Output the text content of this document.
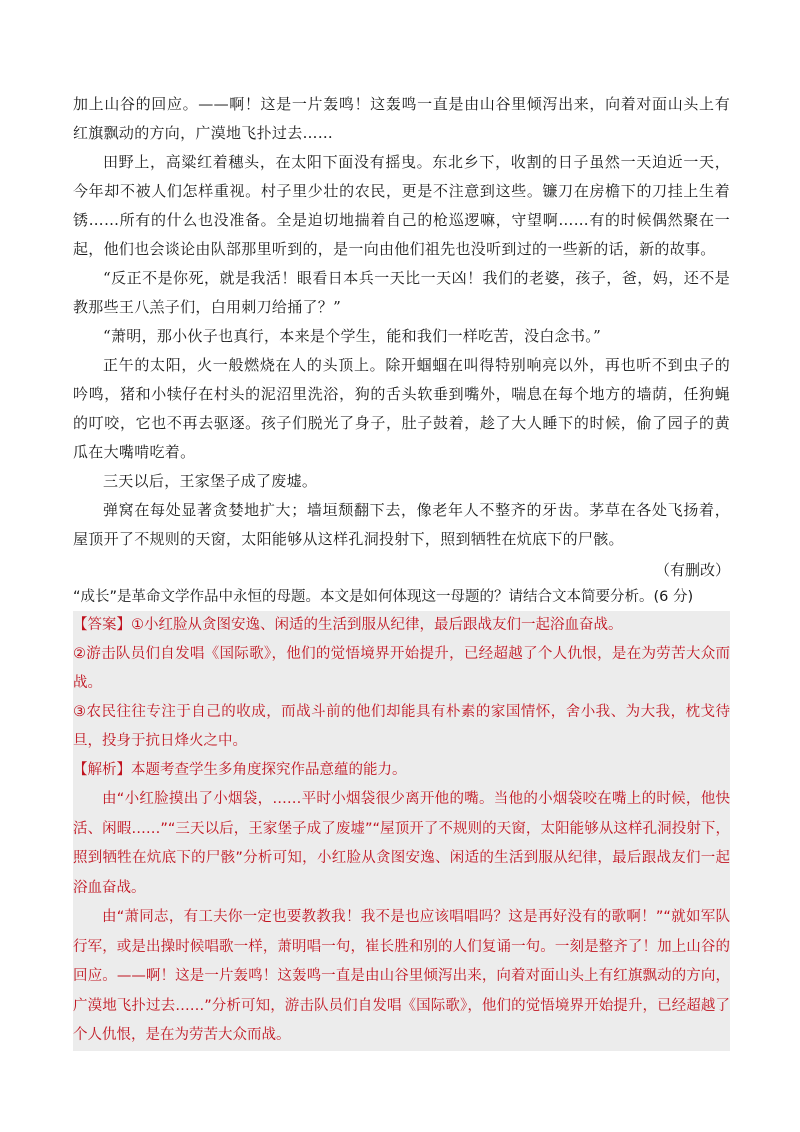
加上山谷的回应。——啊！这是一片轰鸣！这轰鸣一直是由山谷里倾泻出来，向着对面山头上有红旗飘动的方向，广漠地飞扑过去……

田野上，高粱红着穗头，在太阳下面没有摇曳。东北乡下，收割的日子虽然一天迫近一天，今年却不被人们怎样重视。村子里少壮的农民，更是不注意到这些。镰刀在房檐下的刀挂上生着锈……所有的什么也没准备。全是迫切地揣着自己的枪巡逻嘛，守望啊……有的时候偶然聚在一起，他们也会谈论由队部那里听到的，是一向由他们祖先也没听到过的一些新的话，新的故事。

“反正不是你死，就是我活！眼看日本兵一天比一天凶！我们的老婆，孩子，爸，妈，还不是教那些王八羔子们，白用刺刀给捅了？”

“萧明，那小伙子也真行，本来是个学生，能和我们一样吃苦，没白念书。”

正午的太阳，火一般燃烧在人的头顶上。除开蝈蝈在叫得特别响亮以外，再也听不到虫子的吟鸣，猪和小犊仔在村头的泥沼里洗浴，狗的舌头软垂到嘴外，喘息在每个地方的墙荫，任狗蝇的叮咬，它也不再去驱逐。孩子们脱光了身子，肚子鼓着，趁了大人睡下的时候，偷了园子的黄瓜在大嘴啃吃着。

三天以后，王家堡子成了废墟。

弹窝在每处显著贪婪地扩大；墙垣颓翻下去，像老年人不整齐的牙齿。茅草在各处飞扬着，屋顶开了不规则的天窗，太阳能够从这样孔洞投射下，照到牺牲在炕底下的尸骸。

（有删改）

“成长”是革命文学作品中永恒的母题。本文是如何体现这一母题的？请结合文本简要分析。(6 分)

【答案】①小红脸从贪图安逸、闲适的生活到服从纪律，最后跟战友们一起浴血奋战。

②游击队员们自发唱《国际歌》，他们的觉悟境界开始提升，已经超越了个人仇恨，是在为劳苦大众而战。

③农民往往专注于自己的收成，而战斗前的他们却能具有朴素的家国情怀，舍小我、为大我，枕戈待旦，投身于抗日烽火之中。

【解析】本题考查学生多角度探究作品意蕴的能力。

由“小红脸摸出了小烟袋，……平时小烟袋很少离开他的嘴。当他的小烟袋咬在嘴上的时候，他快活、闲暇……”“三天以后，王家堡子成了废墟”“屋顶开了不规则的天窗，太阳能够从这样孔洞投射下，照到牺牲在炕底下的尸骸”分析可知，小红脸从贪图安逸、闲适的生活到服从纪律，最后跟战友们一起浴血奋战。

由“萧同志，有工夫你一定也要教教我！我不是也应该唱唱吗？这是再好没有的歌啊！”“就如军队行军，或是出操时候唱歌一样，萧明唱一句，崔长胜和别的人们复诵一句。一刻是整齐了！加上山谷的回应。——啊！这是一片轰鸣！这轰鸣一直是由山谷里倾泻出来，向着对面山头上有红旗飘动的方向，广漠地飞扑过去……”分析可知，游击队员们自发唱《国际歌》，他们的觉悟境界开始提升，已经超越了个人仇恨，是在为劳苦大众而战。
